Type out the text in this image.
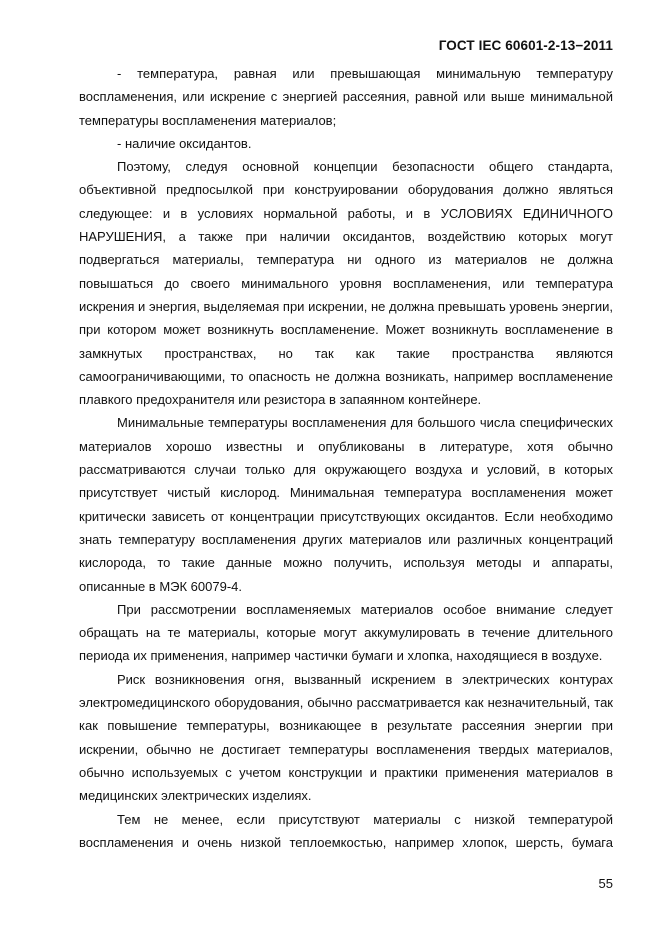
ГОСТ IEC 60601-2-13−2011

- температура, равная или превышающая минимальную температуру воспламенения, или искрение с энергией рассеяния, равной или выше минимальной температуры воспламенения материалов;

- наличие оксидантов.

Поэтому, следуя основной концепции безопасности общего стандарта, объективной предпосылкой при конструировании оборудования должно являться следующее: и в условиях нормальной работы, и в УСЛОВИЯХ ЕДИНИЧНОГО НАРУШЕНИЯ, а также при наличии оксидантов, воздействию которых могут подвергаться материалы, температура ни одного из материалов не должна повышаться до своего минимального уровня воспламенения, или температура искрения и энергия, выделяемая при искрении, не должна превышать уровень энергии, при котором может возникнуть воспламенение. Может возникнуть воспламенение в замкнутых пространствах, но так как такие пространства являются самоограничивающими, то опасность не должна возникать, например воспламенение плавкого предохранителя или резистора в запаянном контейнере.

Минимальные температуры воспламенения для большого числа специфических материалов хорошо известны и опубликованы в литературе, хотя обычно рассматриваются случаи только для окружающего воздуха и условий, в которых присутствует чистый кислород. Минимальная температура воспламенения может критически зависеть от концентрации присутствующих оксидантов. Если необходимо знать температуру воспламенения других материалов или различных концентраций кислорода, то такие данные можно получить, используя методы и аппараты, описанные в МЭК 60079-4.

При рассмотрении воспламеняемых материалов особое внимание следует обращать на те материалы, которые могут аккумулировать в течение длительного периода их применения, например частички бумаги и хлопка, находящиеся в воздухе.

Риск возникновения огня, вызванный искрением в электрических контурах электромедицинского оборудования, обычно рассматривается как незначительный, так как повышение температуры, возникающее в результате рассеяния энергии при искрении, обычно не достигает температуры воспламенения твердых материалов, обычно используемых с учетом конструкции и практики применения материалов в медицинских электрических изделиях.

Тем не менее, если присутствуют материалы с низкой температурой воспламенения и очень низкой теплоемкостью, например хлопок, шерсть, бумага

55
